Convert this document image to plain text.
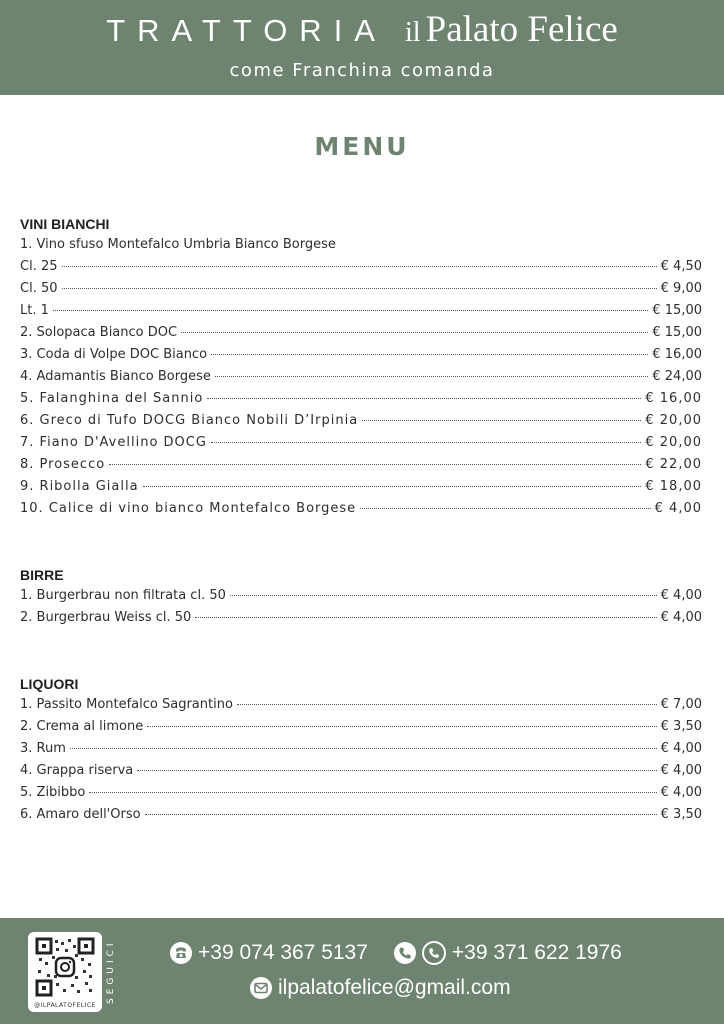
TRATTORIA il Palato Felice
come Franchina comanda
MENU
VINI BIANCHI
1. Vino sfuso Montefalco Umbria Bianco Borgese
Cl. 25	€ 4,50
Cl. 50	€ 9,00
Lt. 1	€ 15,00
2. Solopaca Bianco DOC	€ 15,00
3. Coda di Volpe DOC Bianco	€ 16,00
4. Adamantis Bianco Borgese	€ 24,00
5. Falanghina del Sannio	€ 16,00
6. Greco di Tufo DOCG Bianco Nobili D’Irpinia	€ 20,00
7. Fiano D'Avellino DOCG	€ 20,00
8. Prosecco	€ 22,00
9. Ribolla Gialla	€ 18,00
10. Calice di vino bianco Montefalco Borgese	€ 4,00
BIRRE
1. Burgerbrau non filtrata cl. 50	€ 4,00
2. Burgerbrau Weiss cl. 50	€ 4,00
LIQUORI
1. Passito Montefalco Sagrantino	€ 7,00
2. Crema al limone	€ 3,50
3. Rum	€ 4,00
4. Grappa riserva	€ 4,00
5. Zibibbo	€ 4,00
6. Amaro dell'Orso	€ 3,50
@ILPALATOFELICE
SEGUICI	+39 074 367 5137	+39 371 622 1976
ilpalatofelice@gmail.com
